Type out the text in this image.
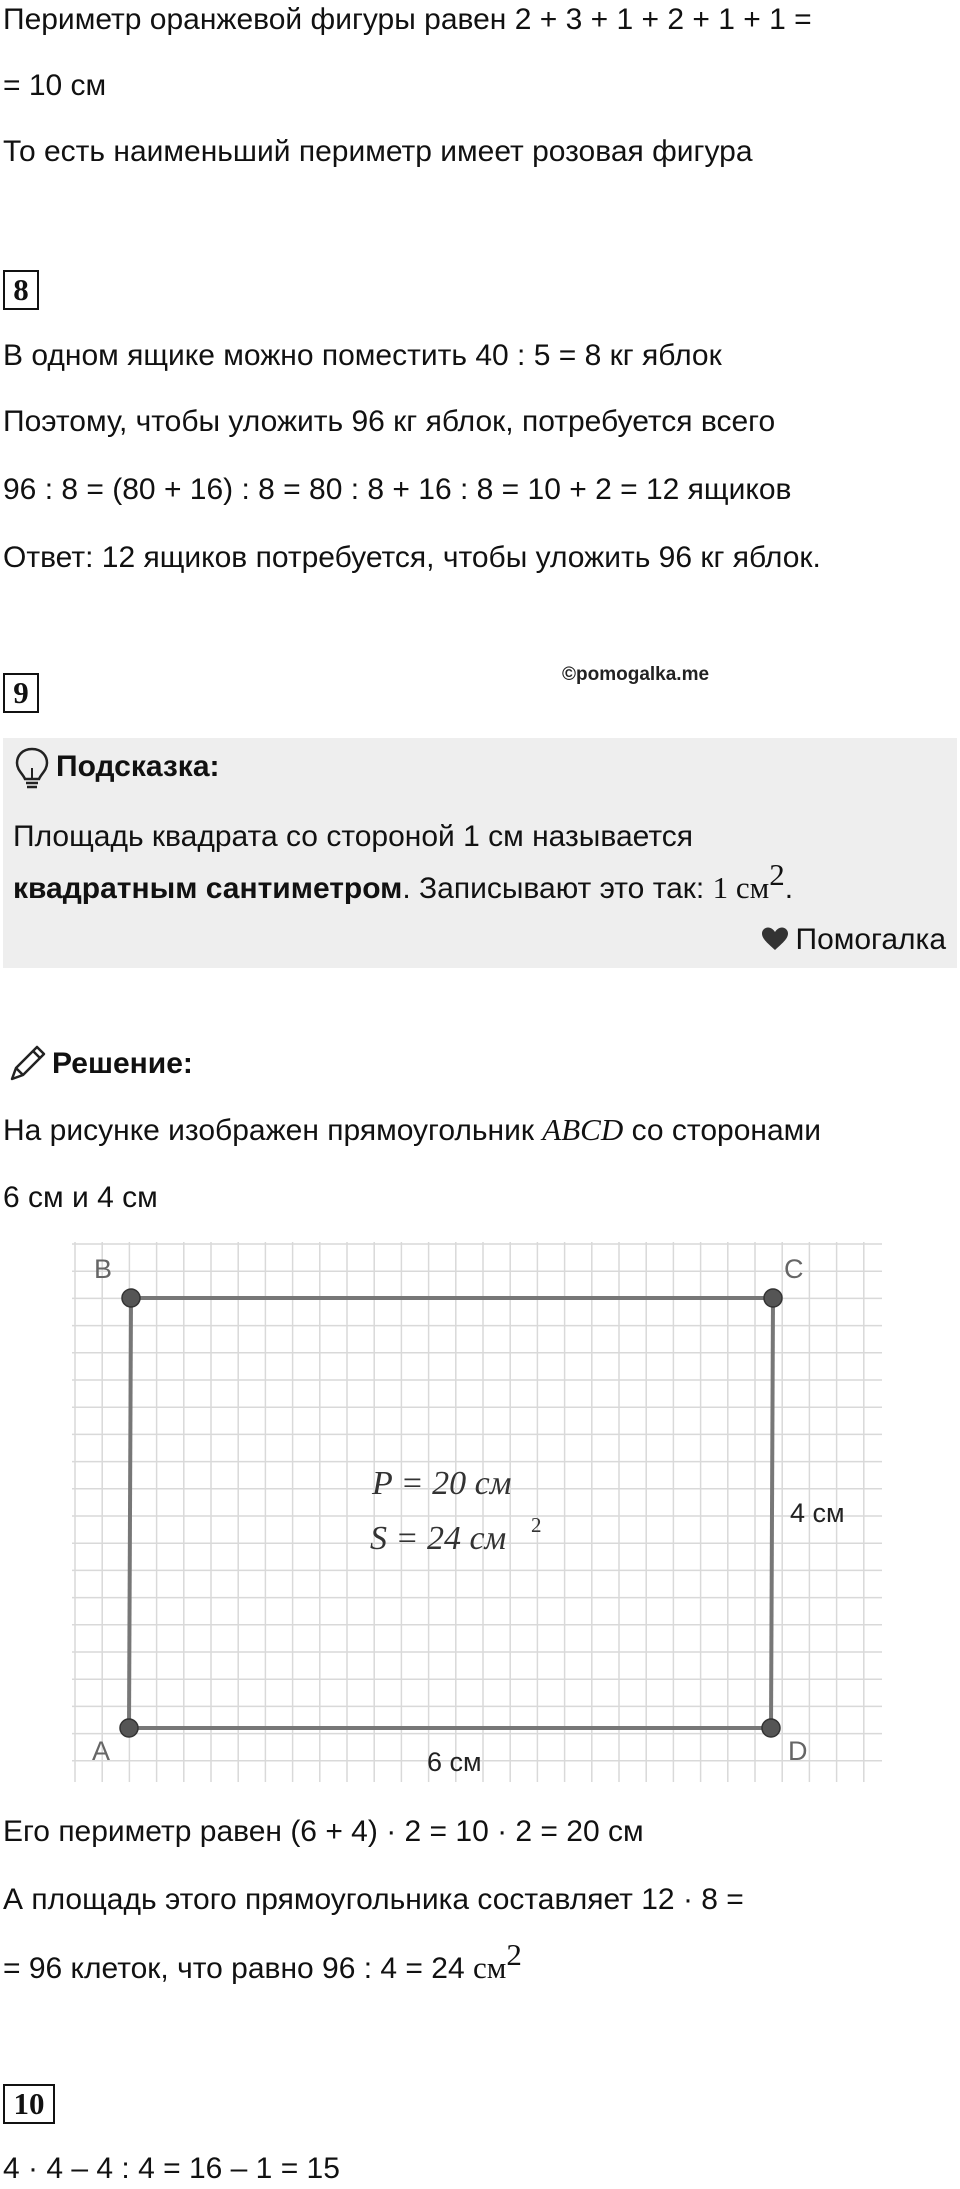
Периметр оранжевой фигуры равен 2 + 3 + 1 + 2 + 1 + 1 =
= 10 см
То есть наименьший периметр имеет розовая фигура
8
В одном ящике можно поместить 40 : 5 = 8 кг яблок
Поэтому, чтобы уложить 96 кг яблок, потребуется всего
96 : 8 = (80 + 16) : 8 = 80 : 8 + 16 : 8 = 10 + 2 = 12 ящиков
Ответ: 12 ящиков потребуется, чтобы уложить 96 кг яблок.
9
©pomogalka.me
Подсказка:
Площадь квадрата со стороной 1 см называется
квадратным сантиметром. Записывают это так: 1 $см^2$.
Помогалка
Решение:
На рисунке изображен прямоугольник ABCD со сторонами
6 см и 4 см
B	C
D
A
4 см
6 см
P = 20 см
S = 24 см 2
Его периметр равен (6 + 4) · 2 = 10 · 2 = 20 см
А площадь этого прямоугольника составляет 12 · 8 =
= 96 клеток, что равно 96 : 4 = 24 $см^2$
10
4 · 4 – 4 : 4 = 16 – 1 = 15
